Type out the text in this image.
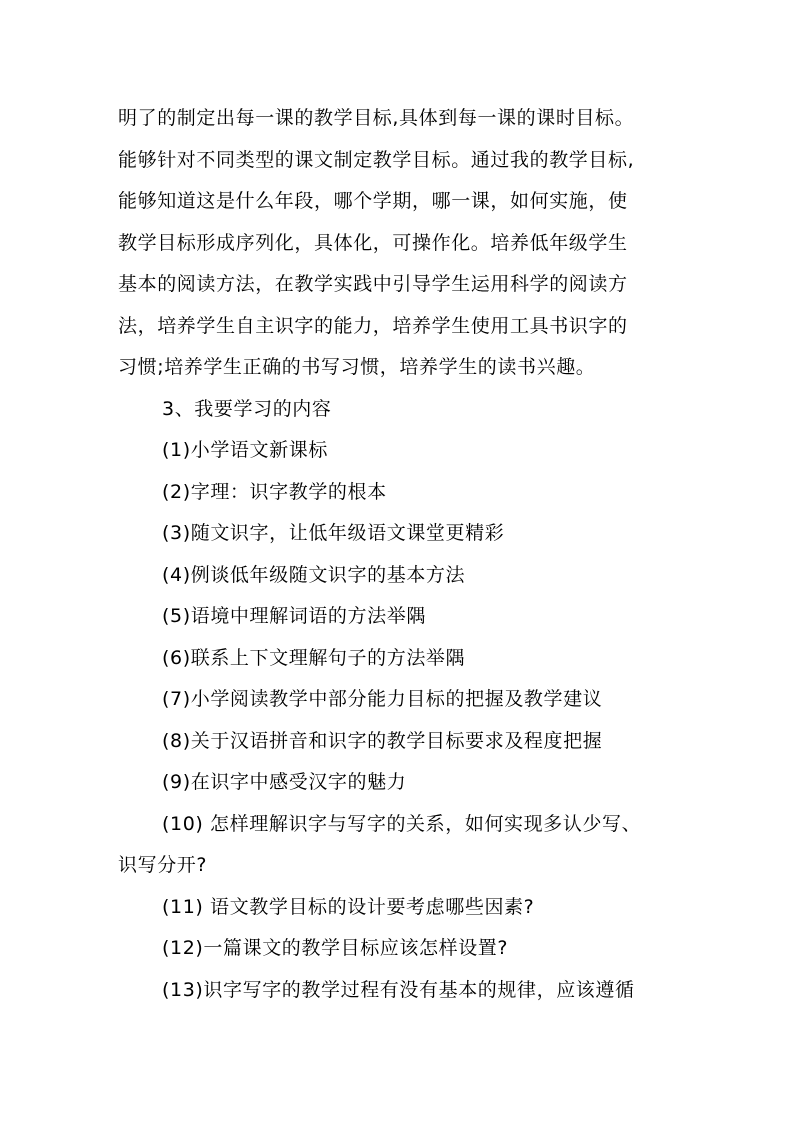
明了的制定出每一课的教学目标,具体到每一课的课时目标。
能够针对不同类型的课文制定教学目标。通过我的教学目标,
能够知道这是什么年段，哪个学期，哪一课，如何实施，使
教学目标形成序列化，具体化，可操作化。培养低年级学生
基本的阅读方法，在教学实践中引导学生运用科学的阅读方
法，培养学生自主识字的能力，培养学生使用工具书识字的
习惯;培养学生正确的书写习惯，培养学生的读书兴趣。
3、我要学习的内容
(1)小学语文新课标
(2)字理：识字教学的根本
(3)随文识字，让低年级语文课堂更精彩
(4)例谈低年级随文识字的基本方法
(5)语境中理解词语的方法举隅
(6)联系上下文理解句子的方法举隅
(7)小学阅读教学中部分能力目标的把握及教学建议
(8)关于汉语拼音和识字的教学目标要求及程度把握
(9)在识字中感受汉字的魅力
(10) 怎样理解识字与写字的关系，如何实现多认少写、
识写分开?
(11) 语文教学目标的设计要考虑哪些因素?
(12)一篇课文的教学目标应该怎样设置?
(13)识字写字的教学过程有没有基本的规律，应该遵循
